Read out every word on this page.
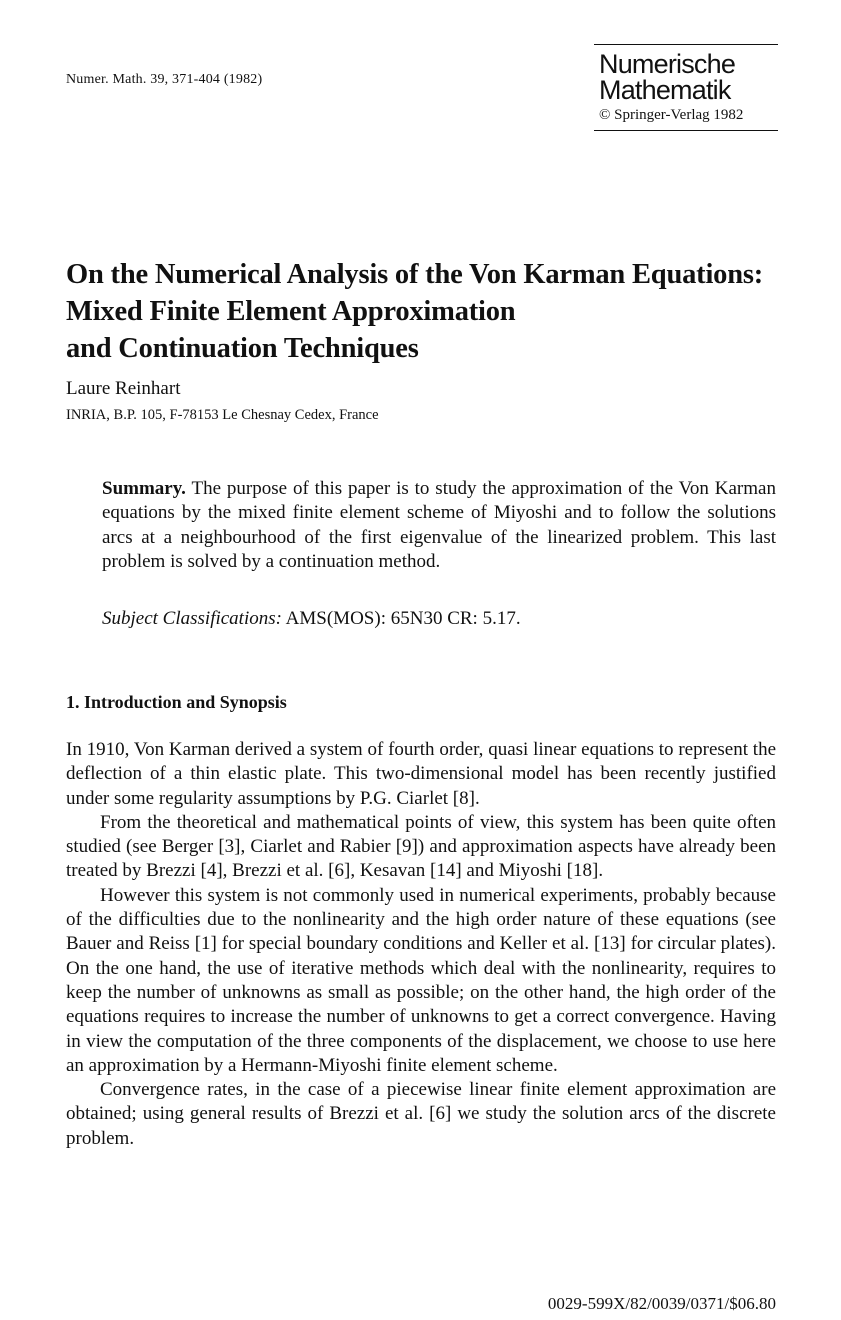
Numer. Math. 39, 371-404 (1982)
Numerische
Mathematik
© Springer-Verlag 1982
On the Numerical Analysis of the Von Karman Equations:
Mixed Finite Element Approximation
and Continuation Techniques
Laure Reinhart
INRIA, B.P. 105, F-78153 Le Chesnay Cedex, France
Summary. The purpose of this paper is to study the approximation of the Von Karman equations by the mixed finite element scheme of Miyoshi and to follow the solutions arcs at a neighbourhood of the first eigenvalue of the linearized problem. This last problem is solved by a continuation method.
Subject Classifications: AMS(MOS): 65N30 CR: 5.17.
1. Introduction and Synopsis

In 1910, Von Karman derived a system of fourth order, quasi linear equations to represent the deflection of a thin elastic plate. This two-dimensional model has been recently justified under some regularity assumptions by P.G. Ciarlet [8].

From the theoretical and mathematical points of view, this system has been quite often studied (see Berger [3], Ciarlet and Rabier [9]) and approximation aspects have already been treated by Brezzi [4], Brezzi et al. [6], Kesavan [14] and Miyoshi [18].

However this system is not commonly used in numerical experiments, probably because of the difficulties due to the nonlinearity and the high order nature of these equations (see Bauer and Reiss [1] for special boundary conditions and Keller et al. [13] for circular plates). On the one hand, the use of iterative methods which deal with the nonlinearity, requires to keep the number of unknowns as small as possible; on the other hand, the high order of the equations requires to increase the number of unknowns to get a correct convergence. Having in view the computation of the three components of the displacement, we choose to use here an approximation by a Hermann-Miyoshi finite element scheme.

Convergence rates, in the case of a piecewise linear finite element approximation are obtained; using general results of Brezzi et al. [6] we study the solution arcs of the discrete problem.

0029-599X/82/0039/0371/$06.80
